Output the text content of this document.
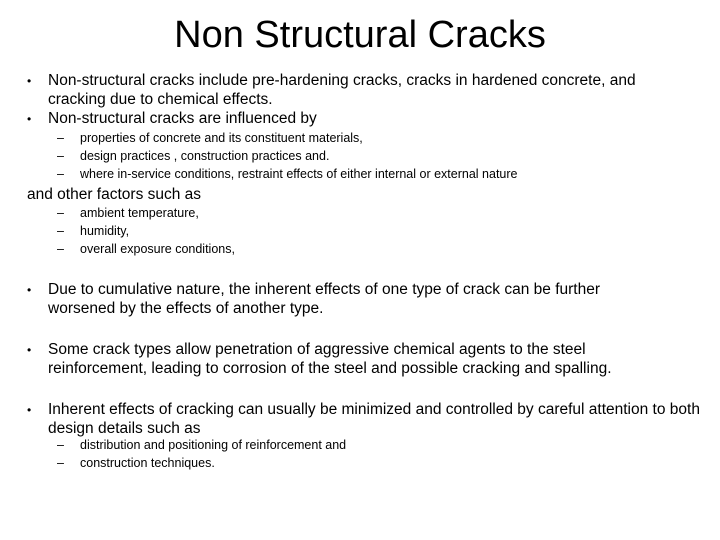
Non Structural Cracks
• Non-structural cracks include pre-hardening cracks, cracks in hardened concrete, and cracking due to chemical effects.
• Non-structural cracks are influenced by
– properties of concrete and its constituent materials,
– design practices , construction practices and.
– where in-service conditions, restraint effects of either internal or external nature
and other factors such as
– ambient temperature,
– humidity,
– overall exposure conditions,
• Due to cumulative nature, the inherent effects of one type of crack can be further worsened by the effects of another type.
• Some crack types allow penetration of aggressive chemical agents to the steel reinforcement, leading to corrosion of the steel and possible cracking and spalling.
• Inherent effects of cracking can usually be minimized and controlled by careful attention to both design details such as
– distribution and positioning of reinforcement and
– construction techniques.
